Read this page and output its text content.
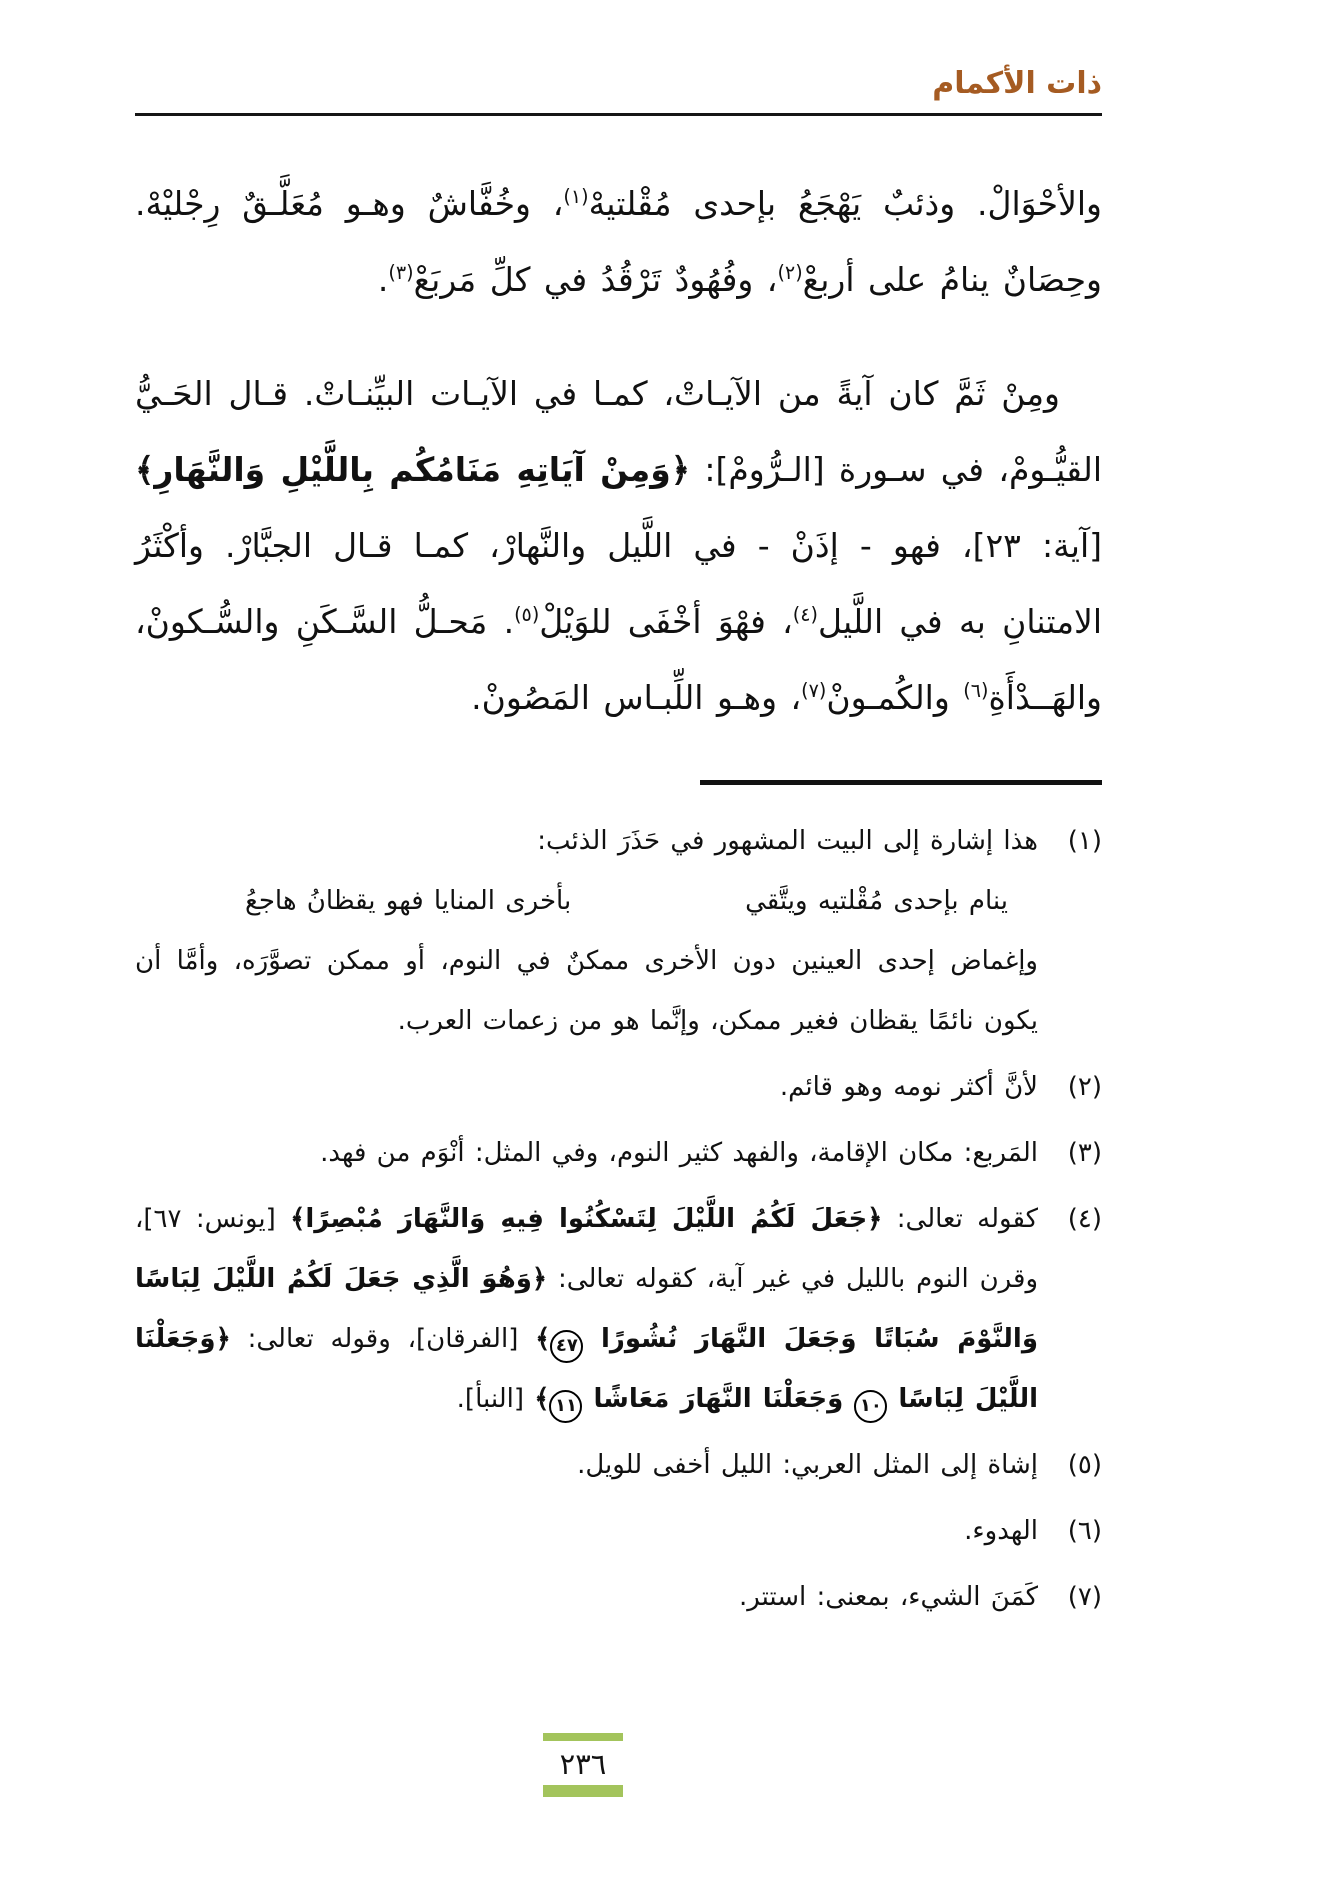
ذات الأكمام

والأحْوَالْ. وذئبٌ يَهْجَعُ بإحدى مُقْلتيهْ$^{(١)}$، وخُفَّاشٌ وهـو مُعَلَّـقٌ رِجْليْهْ. وحِصَانٌ ينامُ على أربعْ$^{(٢)}$، وفُهُودٌ تَرْقُدُ في كلِّ مَربَعْ$^{(٣)}$.

ومِنْ ثَمَّ كان آيةً من الآيـاتْ، كمـا في الآيـات البيِّنـاتْ. قـال الحَـيُّ القيُّـومْ، في سـورة [الـرُّومْ]: ﴿وَمِنْ آيَاتِهِ مَنَامُكُم بِاللَّيْلِ وَالنَّهَارِ﴾ [آية: ٢٣]، فهو - إذَنْ - في اللَّيل والنَّهارْ، كمـا قـال الجبَّارْ. وأكْثَرُ الامتنانِ به في اللَّيل$^{(٤)}$، فهْوَ أخْفَى للوَيْلْ$^{(٥)}$. مَحـلُّ السَّـكَنِ والسُّـكونْ، والهَــدْأَةِ$^{(٦)}$ والكُمـونْ$^{(٧)}$، وهـو اللِّبـاس المَصُونْ.

(١)
هذا إشارة إلى البيت المشهور في حَذَرَ الذئب:
ينام بإحدى مُقْلتيه ويتَّقي
بأخرى المنايا فهو يقظانُ هاجعُ
وإغماض إحدى العينين دون الأخرى ممكنٌ في النوم، أو ممكن تصوَّرَه، وأمَّا أن يكون نائمًا يقظان فغير ممكن، وإنَّما هو من زعمات العرب.
(٢)
لأنَّ أكثر نومه وهو قائم.
(٣)
المَربع: مكان الإقامة، والفهد كثير النوم، وفي المثل: أنْوَم من فهد.
(٤)
كقوله تعالى: ﴿جَعَلَ لَكُمُ اللَّيْلَ لِتَسْكُنُوا فِيهِ وَالنَّهَارَ مُبْصِرًا﴾ [يونس: ٦٧]، وقرن النوم بالليل في غير آية، كقوله تعالى: ﴿وَهُوَ الَّذِي جَعَلَ لَكُمُ اللَّيْلَ لِبَاسًا وَالنَّوْمَ سُبَاتًا وَجَعَلَ النَّهَارَ نُشُورًا ٤٧﴾ [الفرقان]، وقوله تعالى: ﴿وَجَعَلْنَا اللَّيْلَ لِبَاسًا ١٠ وَجَعَلْنَا النَّهَارَ مَعَاشًا ١١﴾ [النبأ].
(٥)
إشاة إلى المثل العربي: الليل أخفى للويل.
(٦)
الهدوء.
(٧)
كَمَنَ الشيء، بمعنى: استتر.
٢٣٦
